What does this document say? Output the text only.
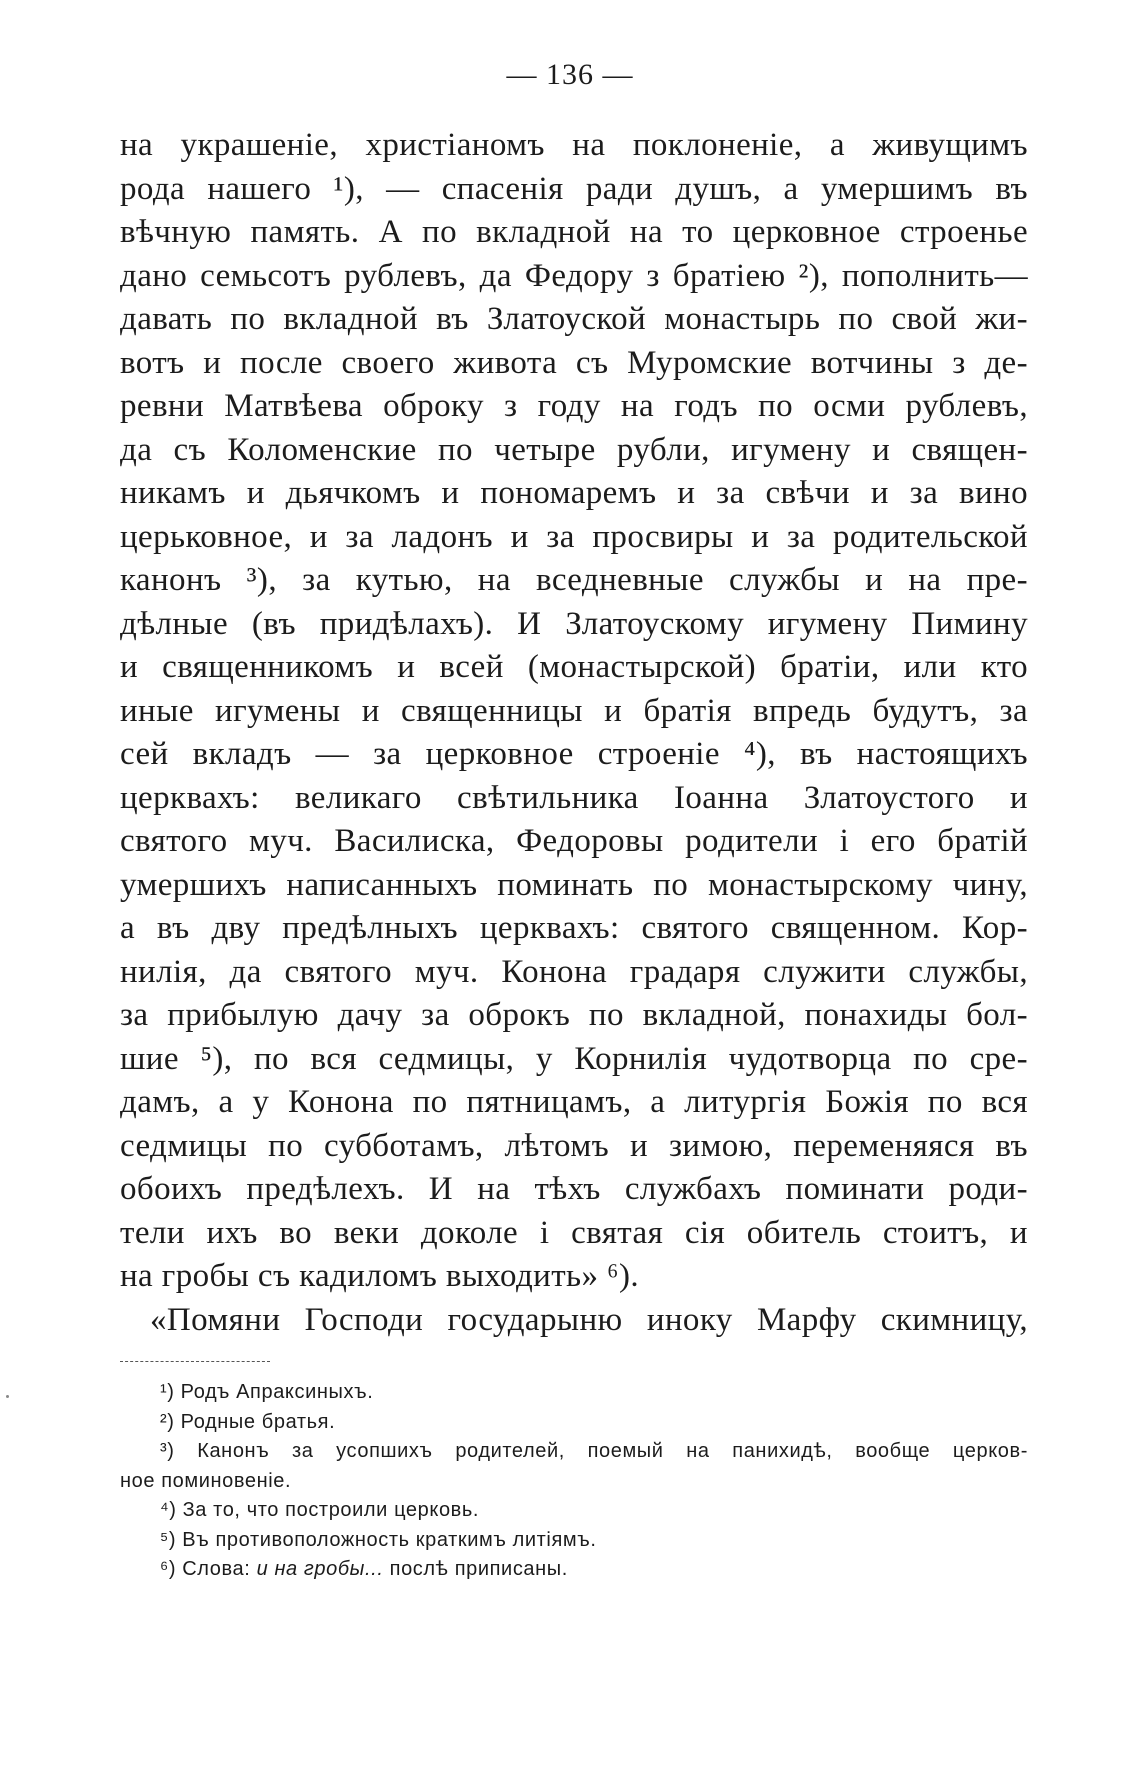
— 136 —
на украшеніе, христіаномъ на поклоненіе, а живущимъ
рода нашего ¹), — спасенія ради душъ, а умершимъ въ
вѣчную память. А по вкладной на то церковное строенье
дано семьсотъ рублевъ, да Федору з братіею ²), пополнить—
давать по вкладной въ Златоуской монастырь по свой жи-
вотъ и после своего живота съ Муромские вотчины з де-
ревни Матвѣева оброку з году на годъ по осми рублевъ,
да съ Коломенские по четыре рубли, игумену и священ-
никамъ и дьячкомъ и пономаремъ и за свѣчи и за вино
церьковное, и за ладонъ и за просвиры и за родительской
канонъ ³), за кутью, на вседневные службы и на пре-
дѣлные (въ придѣлахъ). И Златоускому игумену Пимину
и священникомъ и всей (монастырской) братіи, или кто
иные игумены и священницы и братія впредь будутъ, за
сей вкладъ — за церковное строеніе ⁴), въ настоящихъ
церквахъ: великаго свѣтильника Іоанна Златоустого и
святого муч. Василиска, Федоровы родители і его братій
умершихъ написанныхъ поминать по монастырскому чину,
а въ дву предѣлныхъ церквахъ: святого священном. Кор-
нилія, да святого муч. Конона градаря служити службы,
за прибылую дачу за оброкъ по вкладной, понахиды бол-
шие ⁵), по вся седмицы, у Корнилія чудотворца по сре-
дамъ, а у Конона по пятницамъ, а литургія Божія по вся
седмицы по субботамъ, лѣтомъ и зимою, переменяяся въ
обоихъ предѣлехъ. И на тѣхъ службахъ поминати роди-
тели ихъ во веки доколе і святая сія обитель стоитъ, и
на гробы съ кадиломъ выходить» ⁶).
«Помяни Господи государыню иноку Марфу скимницу,
¹) Родъ Апраксиныхъ.
²) Родные братья.
³) Канонъ за усопшихъ родителей, поемый на панихидѣ, вообще церков-
ное поминовеніе.
⁴) За то, что построили церковь.
⁵) Въ противоположность краткимъ литіямъ.
⁶) Слова: и на гробы... послѣ приписаны.
